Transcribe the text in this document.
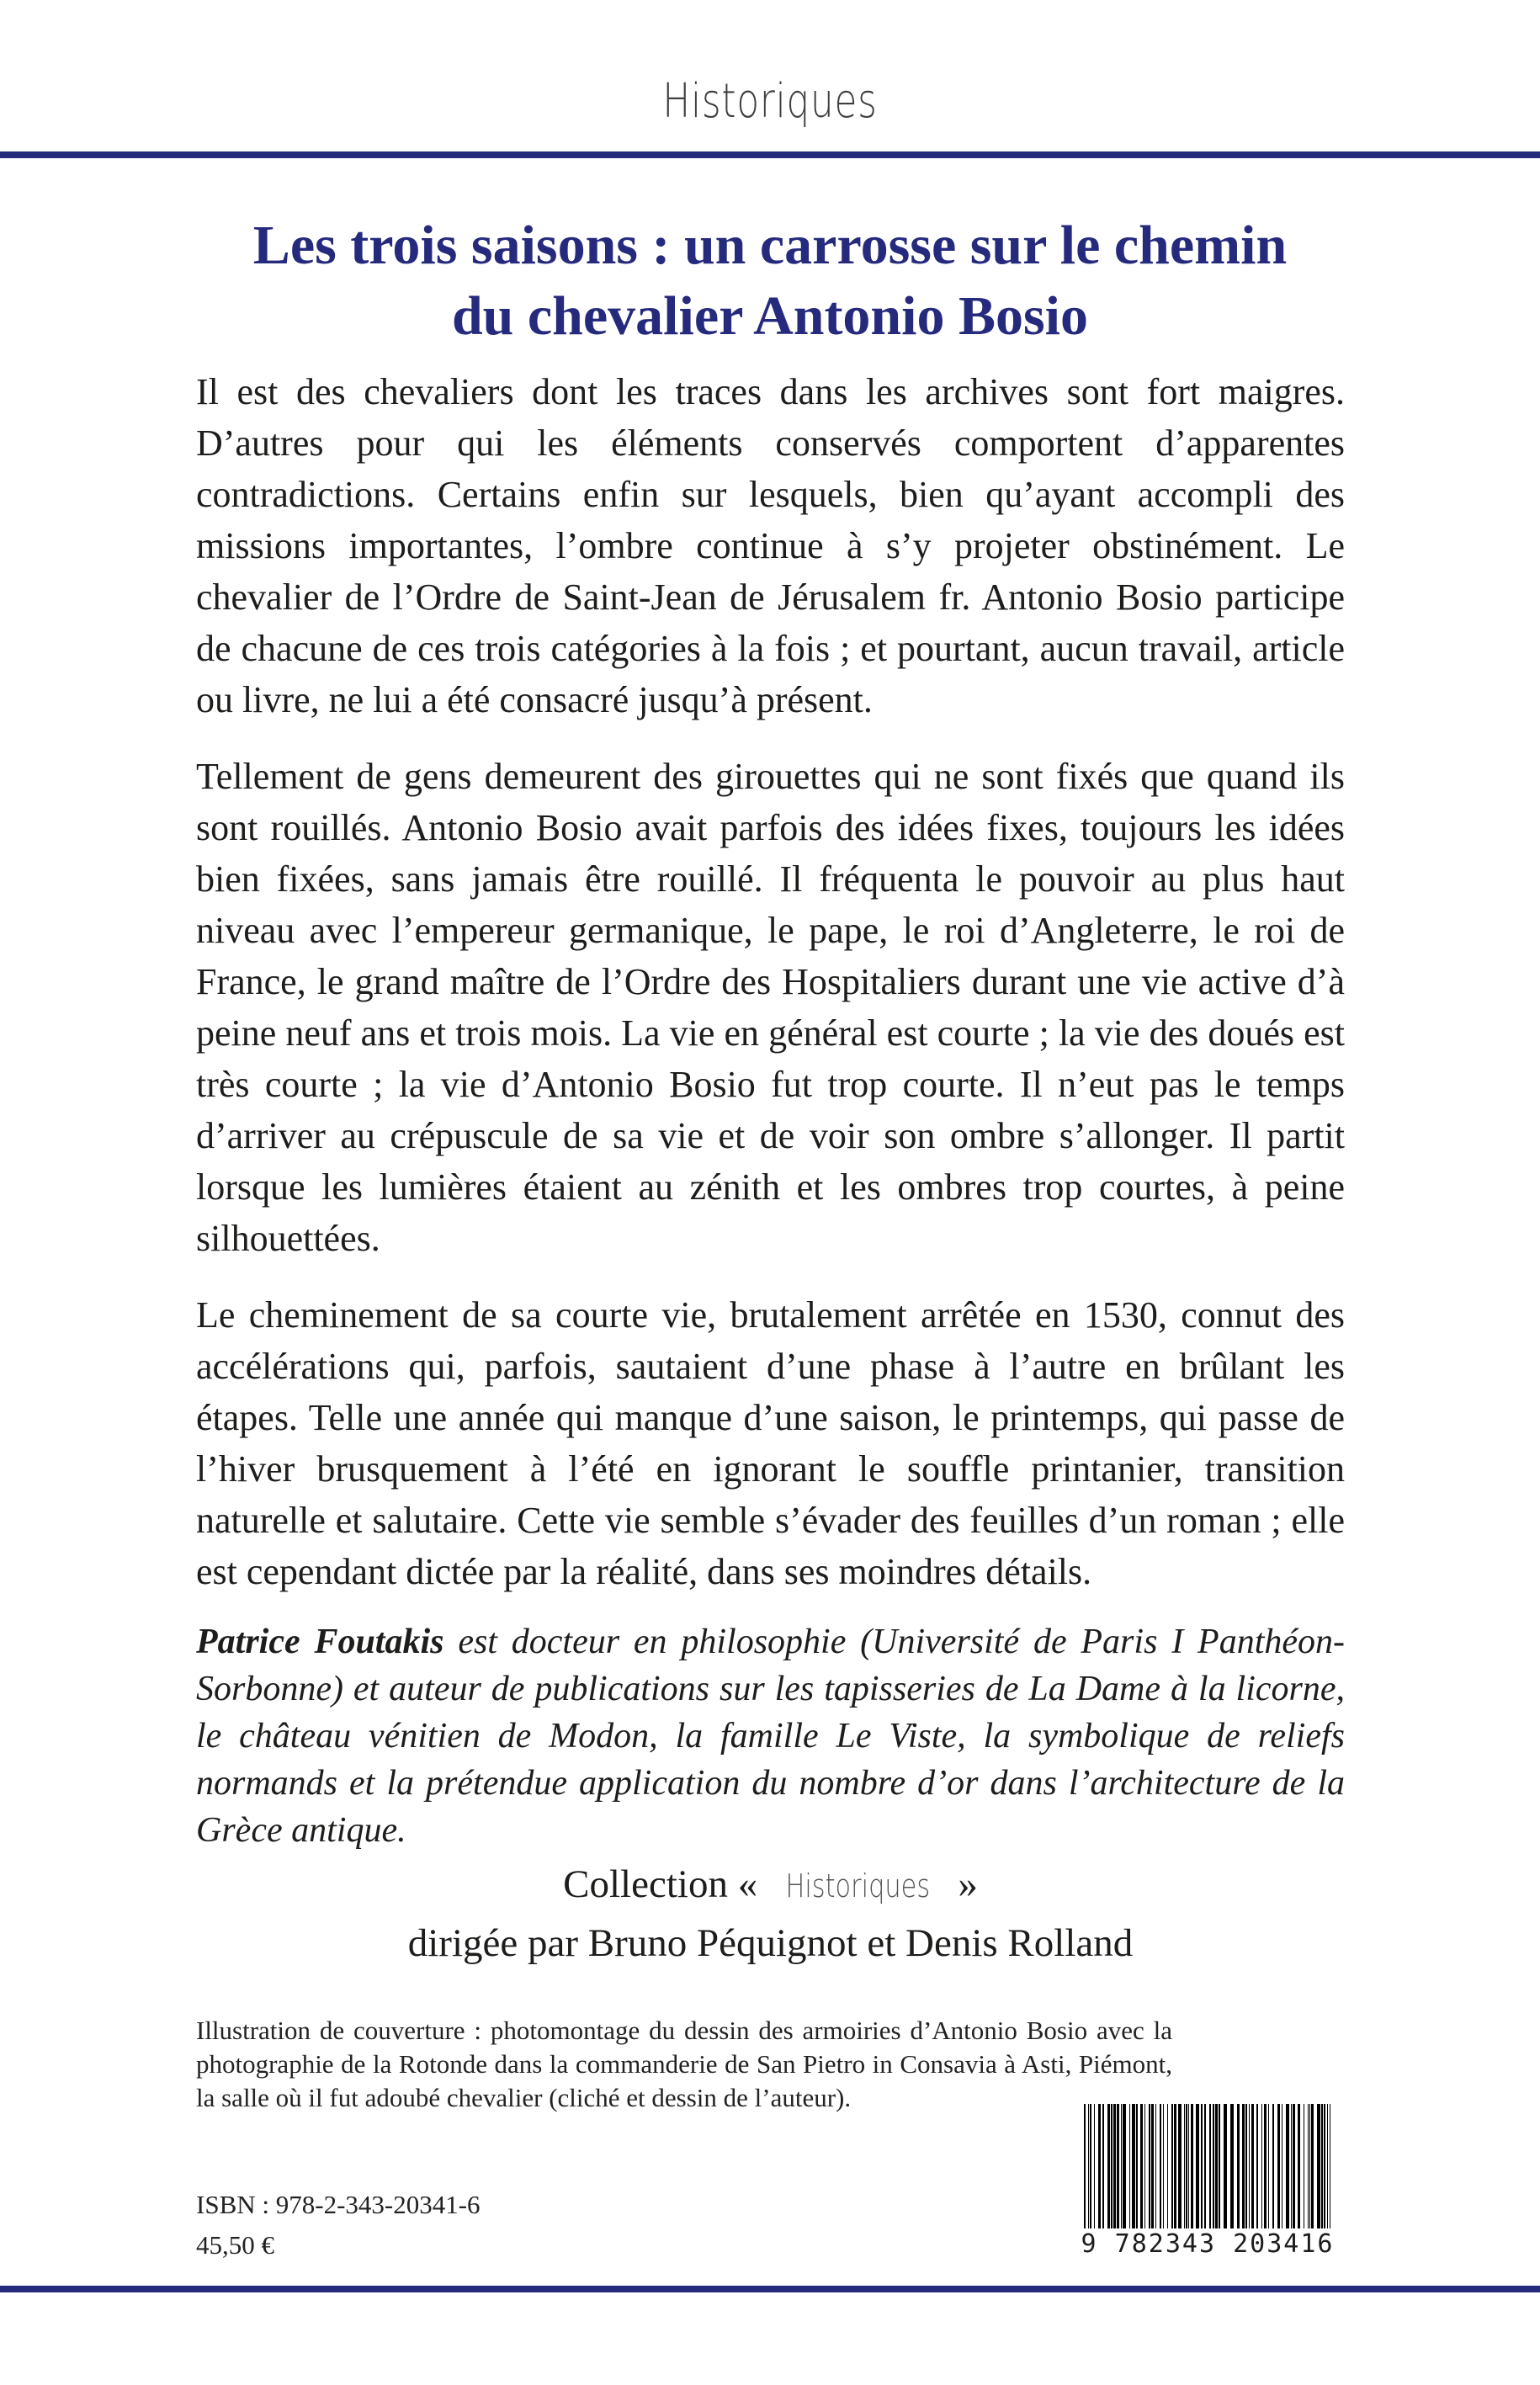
Historiques
Les trois saisons : un carrosse sur le chemin
du chevalier Antonio Bosio

Il est des chevaliers dont les traces dans les archives sont fort maigres. D’autres pour qui les éléments conservés comportent d’apparentes contradictions. Certains enfin sur lesquels, bien qu’ayant accompli des missions importantes, l’ombre continue à s’y projeter obstinément. Le chevalier de l’Ordre de Saint-Jean de Jérusalem fr. Antonio Bosio participe de chacune de ces trois catégories à la fois ; et pourtant, aucun travail, article ou livre, ne lui a été consacré jusqu’à présent.

Tellement de gens demeurent des girouettes qui ne sont fixés que quand ils sont rouillés. Antonio Bosio avait parfois des idées fixes, toujours les idées bien fixées, sans jamais être rouillé. Il fréquenta le pouvoir au plus haut niveau avec l’empereur germanique, le pape, le roi d’Angleterre, le roi de France, le grand maître de l’Ordre des Hospitaliers durant une vie active d’à peine neuf ans et trois mois. La vie en général est courte ; la vie des doués est très courte ; la vie d’Antonio Bosio fut trop courte. Il n’eut pas le temps d’arriver au crépuscule de sa vie et de voir son ombre s’allonger. Il partit lorsque les lumières étaient au zénith et les ombres trop courtes, à peine silhouettées.

Le cheminement de sa courte vie, brutalement arrêtée en 1530, connut des accélérations qui, parfois, sautaient d’une phase à l’autre en brûlant les étapes. Telle une année qui manque d’une saison, le printemps, qui passe de l’hiver brusquement à l’été en ignorant le souffle printanier, transition naturelle et salutaire. Cette vie semble s’évader des feuilles d’un roman ; elle est cependant dictée par la réalité, dans ses moindres détails.

Patrice Foutakis est docteur en philosophie (Université de Paris I Panthéon-Sorbonne) et auteur de publications sur les tapisseries de La Dame à la licorne, le château vénitien de Modon, la famille Le Viste, la symbolique de reliefs normands et la prétendue application du nombre d’or dans l’architecture de la Grèce antique.
Collection « Historiques »
dirigée par Bruno Péquignot et Denis Rolland
Illustration de couverture : photomontage du dessin des armoiries d’Antonio Bosio avec la photographie de la Rotonde dans la commanderie de San Pietro in Consavia à Asti, Piémont, la salle où il fut adoubé chevalier (cliché et dessin de l’auteur).
ISBN : 978-2-343-20341-6
45,50 €	9 782343 203416
